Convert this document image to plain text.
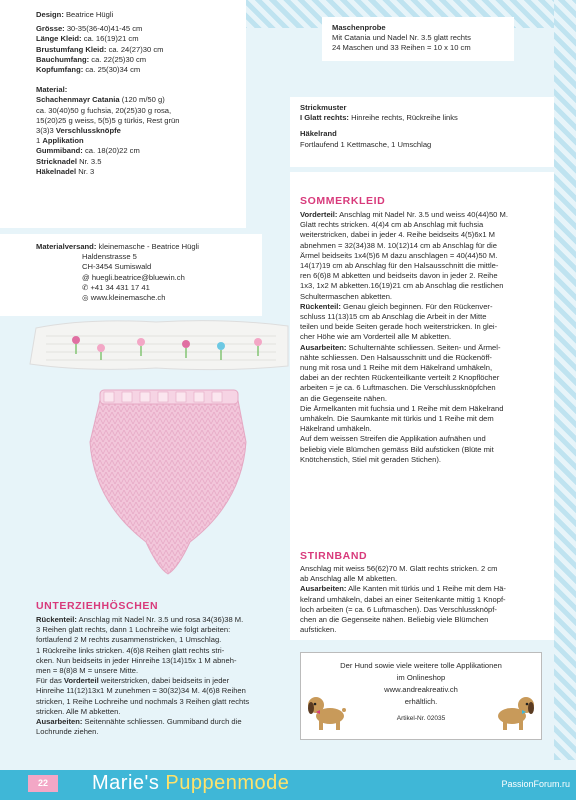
Design: Beatrice Hügli
Grösse: 30-35(36-40)41-45 cm
Länge Kleid: ca. 16(19)21 cm
Brustumfang Kleid: ca. 24(27)30 cm
Bauchumfang: ca. 22(25)30 cm
Kopfumfang: ca. 25(30)34 cm
Material:
Schachenmayr Catania (120 m/50 g)
ca. 30(40)50 g fuchsia, 20(25)30 g rosa,
15(20)25 g weiss, 5(5)5 g türkis, Rest grün
3(3)3 Verschlussknöpfe
1 Applikation
Gummiband: ca. 18(20)22 cm
Stricknadel Nr. 3.5
Häkelnadel Nr. 3
Materialversand: kleinemasche - Beatrice Hügli
Haldenstrasse 5
CH-3454 Sumiswald
@ huegli.beatrice@bluewin.ch
✆ +41 34 431 17 41
◎ www.kleinemasche.ch
Maschenprobe
Mit Catania und Nadel Nr. 3.5 glatt rechts
24 Maschen und 33 Reihen = 10 x 10 cm
Strickmuster
I Glatt rechts: Hinreihe rechts, Rückreihe links
Häkelrand
Fortlaufend 1 Kettmasche, 1 Umschlag
SOMMERKLEID
Vorderteil: Anschlag mit Nadel Nr. 3.5 und weiss 40(44)50 M.
Glatt rechts stricken. 4(4)4 cm ab Anschlag mit fuchsia
weiterstricken, dabei in jeder 4. Reihe beidseits 4(5)6x1 M
abnehmen = 32(34)38 M. 10(12)14 cm ab Anschlag für die
Ärmel beidseits 1x4(5)6 M dazu anschlagen = 40(44)50 M.
14(17)19 cm ab Anschlag für den Halsausschnitt die mittle-
ren 6(6)8 M abketten und beidseits davon in jeder 2. Reihe
1x3, 1x2 M abketten.16(19)21 cm ab Anschlag die restlichen
Schultermaschen abketten.
Rückenteil: Genau gleich beginnen. Für den Rückenver-
schluss 11(13)15 cm ab Anschlag die Arbeit in der Mitte
teilen und beide Seiten gerade hoch weiterstricken. In glei-
cher Höhe wie am Vorderteil alle M abketten.
Ausarbeiten: Schulternähte schliessen. Seiten- und Ärmel-
nähte schliessen. Den Halsausschnitt und die Rückenöff-
nung mit rosa und 1 Reihe mit dem Häkelrand umhäkeln,
dabei an der rechten Rückenteilkante verteilt 2 Knopflöcher
arbeiten = je ca. 6 Luftmaschen. Die Verschlussknöpfchen
an die Gegenseite nähen.
Die Ärmelkanten mit fuchsia und 1 Reihe mit dem Häkelrand
umhäkeln. Die Saumkante mit türkis und 1 Reihe mit dem
Häkelrand umhäkeln.
Auf dem weissen Streifen die Applikation aufnähen und
beliebig viele Blümchen gemäss Bild aufsticken (Blüte mit
Knötchenstich, Stiel mit geraden Stichen).
STIRNBAND
Anschlag mit weiss 56(62)70 M. Glatt rechts stricken. 2 cm
ab Anschlag alle M abketten.
Ausarbeiten: Alle Kanten mit türkis und 1 Reihe mit dem Hä-
kelrand umhäkeln, dabei an einer Seitenkante mittig 1 Knopf-
loch arbeiten (= ca. 6 Luftmaschen). Das Verschlussknöpf-
chen an die Gegenseite nähen. Beliebig viele Blümchen
aufsticken.
Der Hund sowie viele weitere tolle Applikationen
im Onlineshop
www.andreakreativ.ch
erhältlich.
Artikel-Nr. 02035
UNTERZIEHHÖSCHEN
Rückenteil: Anschlag mit Nadel Nr. 3.5 und rosa 34(36)38 M.
3 Reihen glatt rechts, dann 1 Lochreihe wie folgt arbeiten:
fortlaufend 2 M rechts zusammenstricken, 1 Umschlag.
1 Rückreihe links stricken. 4(6)8 Reihen glatt rechts stri-
cken. Nun beidseits in jeder Hinreihe 13(14)15x 1 M abneh-
men = 8(8)8 M = unsere Mitte.
Für das Vorderteil weiterstricken, dabei beidseits in jeder
Hinreihe 11(12)13x1 M zunehmen = 30(32)34 M. 4(6)8 Reihen
stricken, 1 Reihe Lochreihe und nochmals 3 Reihen glatt rechts
stricken. Alle M abketten.
Ausarbeiten: Seitennähte schliessen. Gummiband durch die
Lochrunde ziehen.
22	Marie's Puppenmode	PassionForum.ru
